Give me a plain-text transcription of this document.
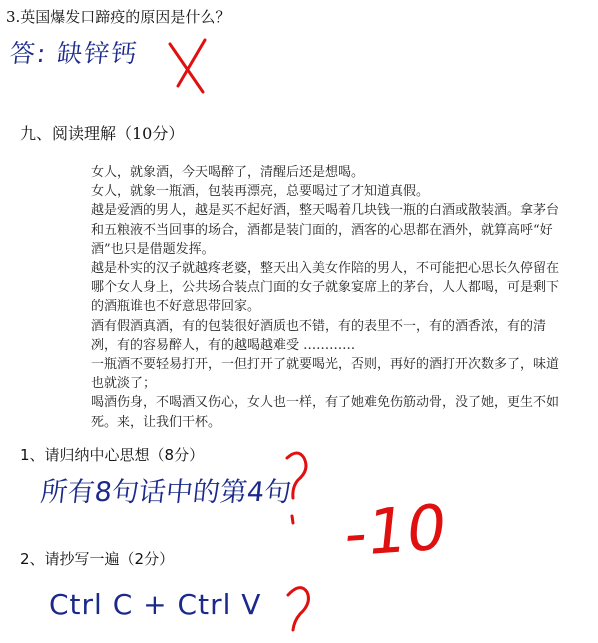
3.英国爆发口蹄疫的原因是什么？
答: 缺锌钙
九、阅读理解（10分）

女人，就象酒，今天喝醉了，清醒后还是想喝。

女人，就象一瓶酒，包装再漂亮，总要喝过了才知道真假。

越是爱酒的男人，越是买不起好酒，整天喝着几块钱一瓶的白酒或散装酒。拿茅台和五粮液不当回事的场合，酒都是装门面的，酒客的心思都在酒外，就算高呼“好酒”也只是借题发挥。

越是朴实的汉子就越疼老婆，整天出入美女作陪的男人，不可能把心思长久停留在哪个女人身上，公共场合装点门面的女子就象宴席上的茅台，人人都喝，可是剩下的酒瓶谁也不好意思带回家。

酒有假酒真酒，有的包装很好酒质也不错，有的表里不一，有的酒香浓，有的清冽，有的容易醉人，有的越喝越难受 …………

一瓶酒不要轻易打开，一但打开了就要喝光，否则，再好的酒打开次数多了，味道也就淡了；

喝酒伤身，不喝酒又伤心，女人也一样，有了她难免伤筋动骨，没了她，更生不如死。来，让我们干杯。

1、请归纳中心思想（8分）
所有8句话中的第4句
2、请抄写一遍（2分）
Ctrl C + Ctrl V
-10
